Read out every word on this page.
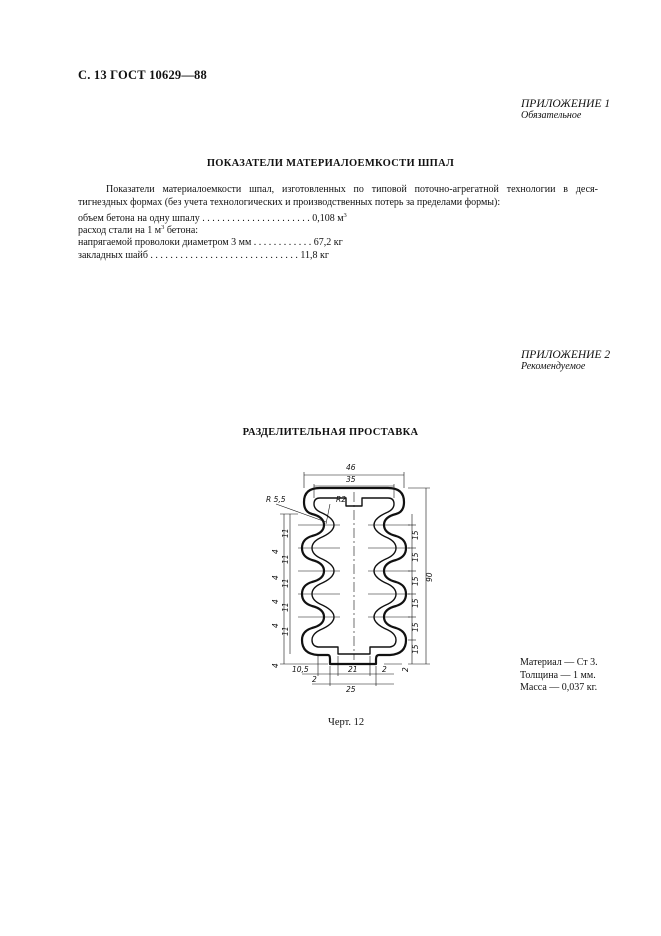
С. 13 ГОСТ 10629—88
ПРИЛОЖЕНИЕ 1
Обязательное
ПОКАЗАТЕЛИ МАТЕРИАЛОЕМКОСТИ ШПАЛ
Показатели материалоемкости шпал, изготовленных по типовой поточно-агрегатной технологии в деся-тигнездных формах (без учета технологических и производственных потерь за пределами формы):
объем бетона на одну шпалу . . . . . . . . . . . . . . . . . . . . . . 0,108 $м^3$
расход стали на 1 $м^3$ бетона:
напрягаемой проволоки диаметром 3 мм . . . . . . . . . . . . 67,2 кг
закладных шайб . . . . . . . . . . . . . . . . . . . . . . . . . . . . . . 11,8 кг
ПРИЛОЖЕНИЕ 2
Рекомендуемое
РАЗДЕЛИТЕЛЬНАЯ ПРОСТАВКА
46
35
R 5,5	R2
90
15
15
15
15
15
15
11
11
11
11
11
4
4
4
4
4 10,5	21
2
2
25
2
Материал — Ст 3.
Толщина — 1 мм.
Масса — 0,037 кг.
Черт. 12
